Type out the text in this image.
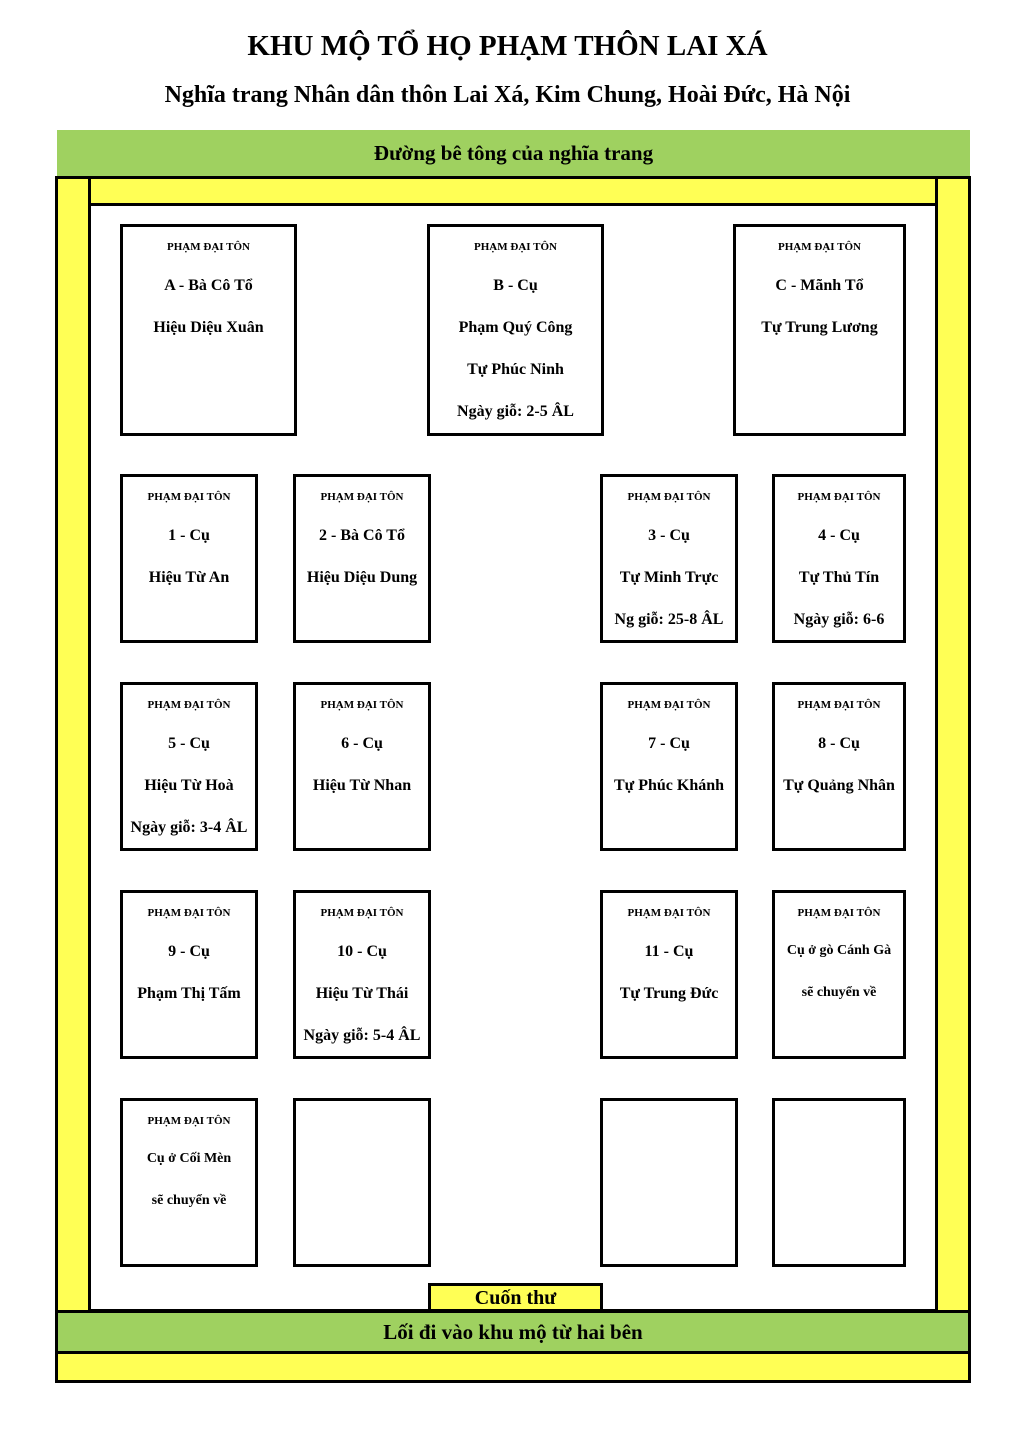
KHU MỘ TỔ HỌ PHẠM THÔN LAI XÁ
Nghĩa trang Nhân dân thôn Lai Xá, Kim Chung, Hoài Đức, Hà Nội
Đường bê tông của nghĩa trang
PHẠM ĐẠI TÔN
A - Bà Cô Tổ
Hiệu Diệu Xuân
PHẠM ĐẠI TÔN
B - Cụ
Phạm Quý Công
Tự Phúc Ninh
Ngày giỗ: 2-5 ÂL
PHẠM ĐẠI TÔN
C - Mãnh Tổ
Tự Trung Lương
PHẠM ĐẠI TÔN
1 - Cụ
Hiệu Từ An
PHẠM ĐẠI TÔN
2 - Bà Cô Tổ
Hiệu Diệu Dung
PHẠM ĐẠI TÔN
3 - Cụ
Tự Minh Trực
Ng giỗ: 25-8 ÂL
PHẠM ĐẠI TÔN
4 - Cụ
Tự Thủ Tín
Ngày giỗ: 6-6
PHẠM ĐẠI TÔN
5 - Cụ
Hiệu Từ Hoà
Ngày giỗ: 3-4 ÂL
PHẠM ĐẠI TÔN
6 - Cụ
Hiệu Từ Nhan
PHẠM ĐẠI TÔN
7 - Cụ
Tự Phúc Khánh
PHẠM ĐẠI TÔN
8 - Cụ
Tự Quảng Nhân
PHẠM ĐẠI TÔN
9 - Cụ
Phạm Thị Tấm
PHẠM ĐẠI TÔN
10 - Cụ
Hiệu Từ Thái
Ngày giỗ: 5-4 ÂL
PHẠM ĐẠI TÔN
11 - Cụ
Tự Trung Đức
PHẠM ĐẠI TÔN
Cụ ở gò Cánh Gà
sẽ chuyển về
PHẠM ĐẠI TÔN
Cụ ở Cối Mèn
sẽ chuyển về
Cuốn thư
Lối đi vào khu mộ từ hai bên
